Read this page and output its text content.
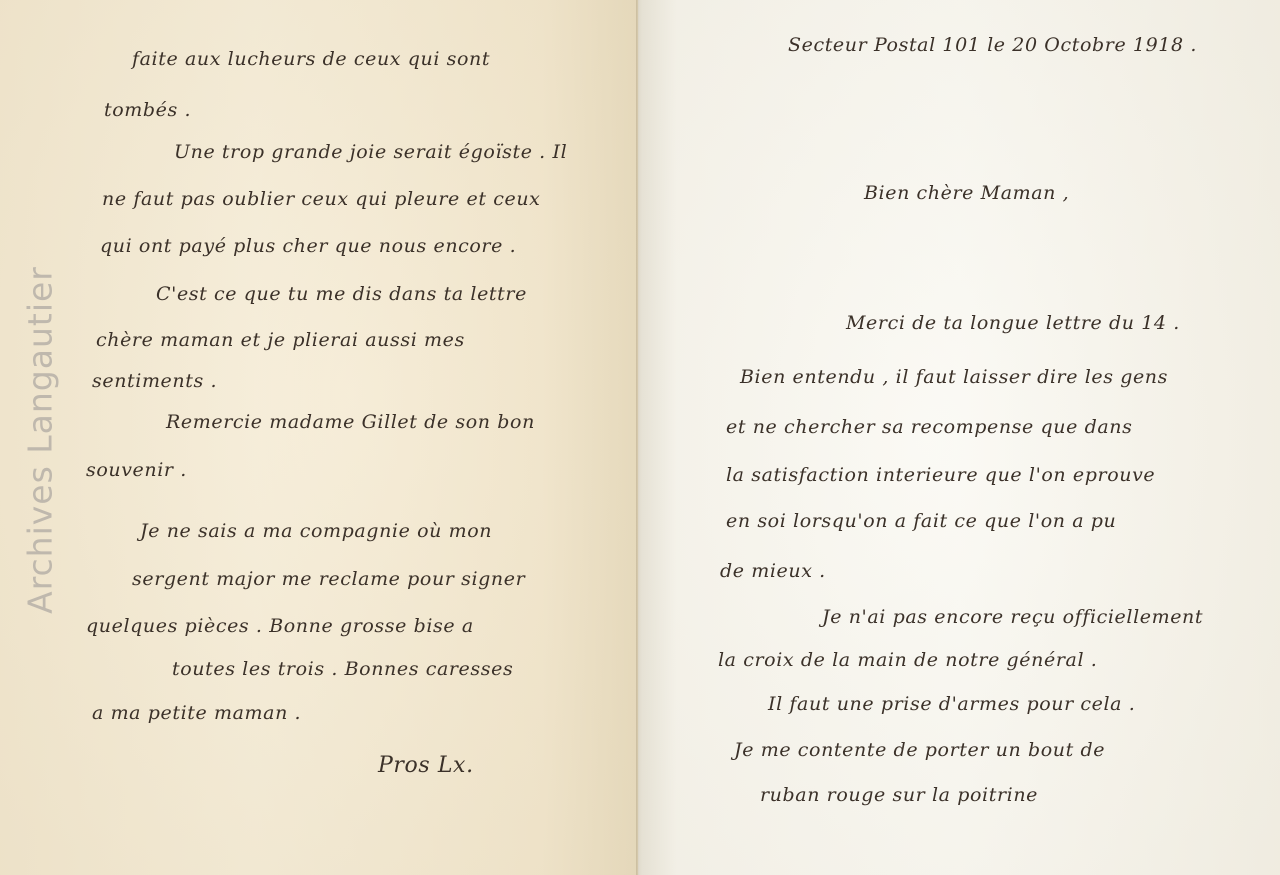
Archives Langautier

faite aux lucheurs de ceux qui sont

tombés .

Une trop grande joie serait égoïste . Il

ne faut pas oublier ceux qui pleure et ceux

qui ont payé plus cher que nous encore .

C'est ce que tu me dis dans ta lettre

chère maman et je plierai aussi mes

sentiments .

Remercie madame Gillet de son bon

souvenir .

Je ne sais a ma compagnie où mon

sergent major me reclame pour signer

quelques pièces . Bonne grosse bise a

toutes les trois . Bonnes caresses

a ma petite maman .

Pros Lx.

Secteur Postal 101 le 20 Octobre 1918 .

Bien chère Maman ,

Merci de ta longue lettre du 14 .

Bien entendu , il faut laisser dire les gens

et ne chercher sa recompense que dans

la satisfaction interieure que l'on eprouve

en soi lorsqu'on a fait ce que l'on a pu

de mieux .

Je n'ai pas encore reçu officiellement

la croix de la main de notre général .

Il faut une prise d'armes pour cela .

Je me contente de porter un bout de

ruban rouge sur la poitrine
